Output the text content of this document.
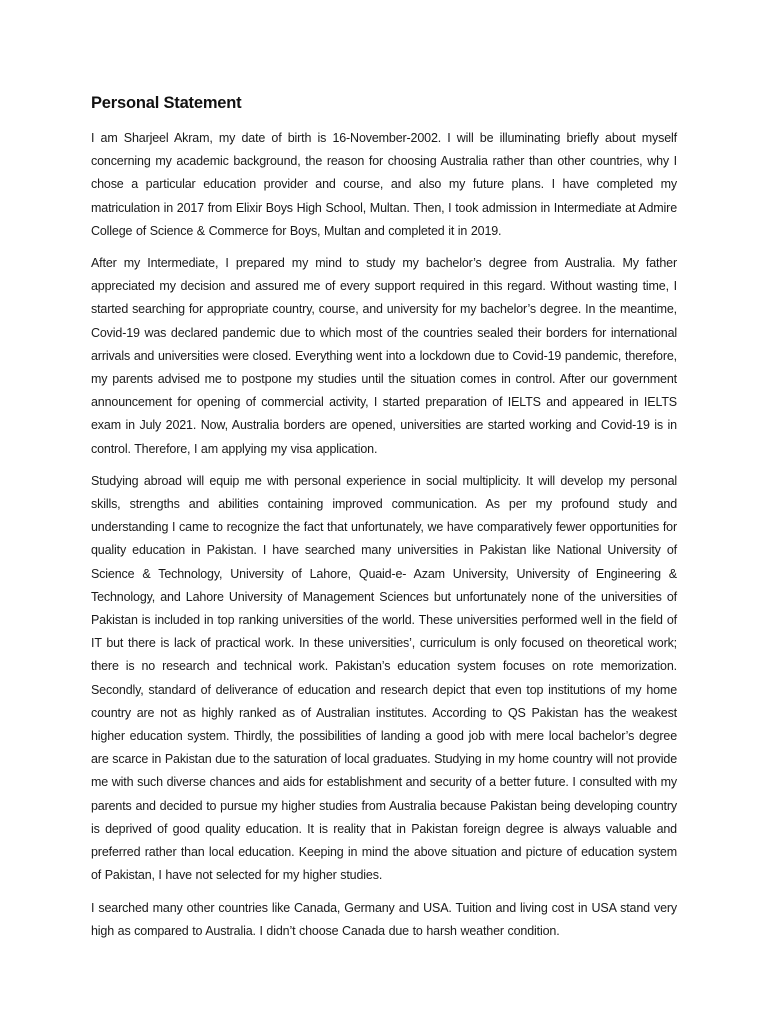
Personal Statement

I am Sharjeel Akram, my date of birth is 16-November-2002. I will be illuminating briefly about myself concerning my academic background, the reason for choosing Australia rather than other countries, why I chose a particular education provider and course, and also my future plans. I have completed my matriculation in 2017 from Elixir Boys High School, Multan. Then, I took admission in Intermediate at Admire College of Science & Commerce for Boys, Multan and completed it in 2019.

After my Intermediate, I prepared my mind to study my bachelor’s degree from Australia. My father appreciated my decision and assured me of every support required in this regard. Without wasting time, I started searching for appropriate country, course, and university for my bachelor’s degree. In the meantime, Covid-19 was declared pandemic due to which most of the countries sealed their borders for international arrivals and universities were closed. Everything went into a lockdown due to Covid-19 pandemic, therefore, my parents advised me to postpone my studies until the situation comes in control. After our government announcement for opening of commercial activity, I started preparation of IELTS and appeared in IELTS exam in July 2021. Now, Australia borders are opened, universities are started working and Covid-19 is in control. Therefore, I am applying my visa application.

Studying abroad will equip me with personal experience in social multiplicity. It will develop my personal skills, strengths and abilities containing improved communication. As per my profound study and understanding I came to recognize the fact that unfortunately, we have comparatively fewer opportunities for quality education in Pakistan. I have searched many universities in Pakistan like National University of Science & Technology, University of Lahore, Quaid-e- Azam University, University of Engineering & Technology, and Lahore University of Management Sciences but unfortunately none of the universities of Pakistan is included in top ranking universities of the world. These universities performed well in the field of IT but there is lack of practical work. In these universities’, curriculum is only focused on theoretical work; there is no research and technical work. Pakistan’s education system focuses on rote memorization. Secondly, standard of deliverance of education and research depict that even top institutions of my home country are not as highly ranked as of Australian institutes. According to QS Pakistan has the weakest higher education system. Thirdly, the possibilities of landing a good job with mere local bachelor’s degree are scarce in Pakistan due to the saturation of local graduates. Studying in my home country will not provide me with such diverse chances and aids for establishment and security of a better future. I consulted with my parents and decided to pursue my higher studies from Australia because Pakistan being developing country is deprived of good quality education. It is reality that in Pakistan foreign degree is always valuable and preferred rather than local education. Keeping in mind the above situation and picture of education system of Pakistan, I have not selected for my higher studies.

I searched many other countries like Canada, Germany and USA. Tuition and living cost in USA stand very high as compared to Australia. I didn’t choose Canada due to harsh weather condition.
